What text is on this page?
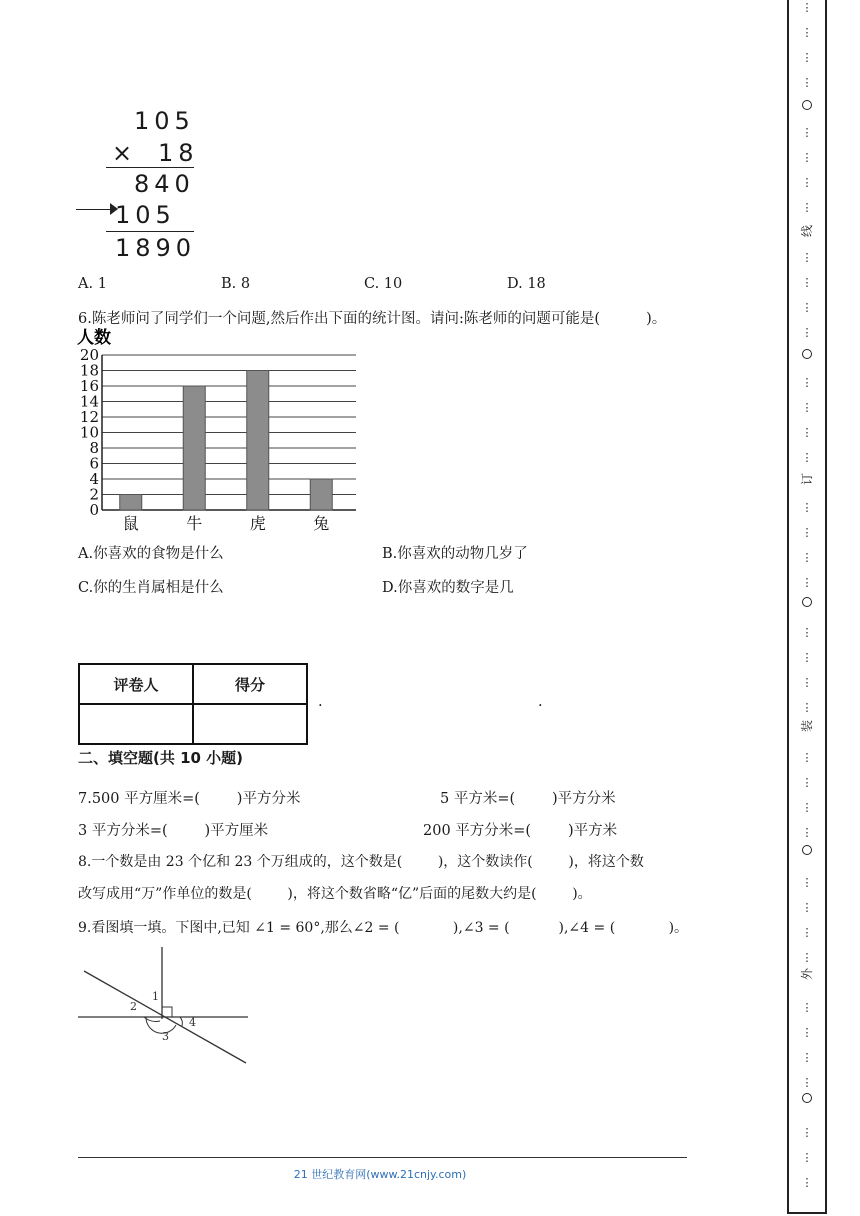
⋮
⋮
⋮
⋮
⋮
⋮
⋮
⋮
⋮
⋮
⋮
⋮
⋮
⋮
⋮
⋮
⋮
⋮
⋮
⋮
⋮
⋮
⋮
⋮
⋮
⋮
⋮
⋮
⋮
⋮
⋮
⋮
⋮
⋮
⋮
⋮
⋮
⋮
⋮
线
订
装
外
105
× 18
840
105
1890
A. 1	B. 8	C. 10	D. 18
6.陈老师问了同学们一个问题,然后作出下面的统计图。请问:陈老师的问题可能是(          )。
人数
0
2
4
6
8
10
12
14
16
18
20
鼠	牛	虎	兔
A.你喜欢的食物是什么	B.你喜欢的动物几岁了
C.你的生肖属相是什么	D.你喜欢的数字是几
评卷人	得分

.	.
二、填空题(共 10 小题)
7.500 平方厘米=(        )平方分米	5 平方米=(        )平方分米
3 平方分米=(        )平方厘米	200 平方分米=(        )平方米
8.一个数是由 23 个亿和 23 个万组成的，这个数是(        )，这个数读作(        )，将这个数
改写成用“万”作单位的数是(        )，将这个数省略“亿”后面的尾数大约是(        )。
9.看图填一填。下图中,已知 ∠1 = 60°,那么∠2 = (            ),∠3 = (           ),∠4 = (            )。
1
2
3
4
21 世纪教育网(www.21cnjy.com)
